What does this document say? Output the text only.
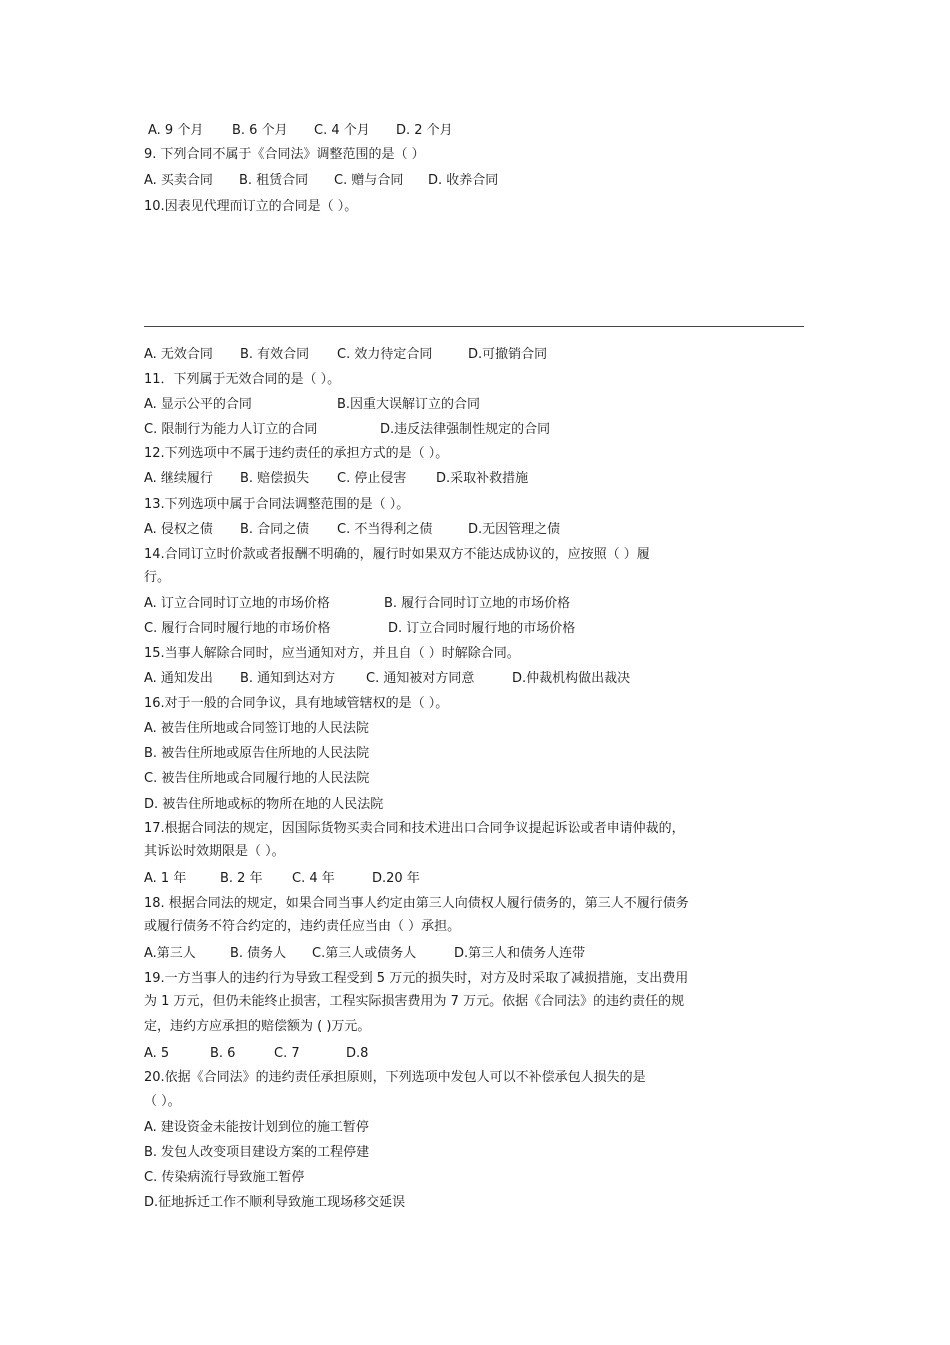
A. 9 个月 B. 6 个月 C. 4 个月 D. 2 个月
9. 下列合同不属于《合同法》调整范围的是（ ）
A. 买卖合同 B. 租赁合同 C. 赠与合同 D. 收养合同
10.因表见代理而订立的合同是（ ）。
A. 无效合同 B. 有效合同 C. 效力待定合同	D.可撤销合同
11．下列属于无效合同的是（ ）。
A. 显示公平的合同	B.因重大误解订立的合同
C. 限制行为能力人订立的合同	D.违反法律强制性规定的合同
12.下列选项中不属于违约责任的承担方式的是（ ）。
A. 继续履行 B. 赔偿损失 C. 停止侵害 D.采取补救措施
13.下列选项中属于合同法调整范围的是（ ）。
A. 侵权之债 B. 合同之债 C. 不当得利之债	D.无因管理之债
14.合同订立时价款或者报酬不明确的，履行时如果双方不能达成协议的，应按照（ ）履
行。
A. 订立合同时订立地的市场价格	B. 履行合同时订立地的市场价格
C. 履行合同时履行地的市场价格	D. 订立合同时履行地的市场价格
15.当事人解除合同时，应当通知对方，并且自（ ）时解除合同。
A. 通知发出 B. 通知到达对方 C. 通知被对方同意	D.仲裁机构做出裁决
16.对于一般的合同争议，具有地域管辖权的是（ ）。
A. 被告住所地或合同签订地的人民法院
B. 被告住所地或原告住所地的人民法院
C. 被告住所地或合同履行地的人民法院
D. 被告住所地或标的物所在地的人民法院
17.根据合同法的规定，因国际货物买卖合同和技术进出口合同争议提起诉讼或者申请仲裁的，
其诉讼时效期限是（ ）。
A. 1 年	B. 2 年 C. 4 年	D.20 年
18. 根据合同法的规定，如果合同当事人约定由第三人向债权人履行债务的，第三人不履行债务
或履行债务不符合约定的，违约责任应当由（ ）承担。
A.第三人	B. 债务人 C.第三人或债务人	D.第三人和债务人连带
19.一方当事人的违约行为导致工程受到 5 万元的损失时，对方及时采取了减损措施，支出费用
为 1 万元，但仍未能终止损害，工程实际损害费用为 7 万元。依据《合同法》的违约责任的规
定，违约方应承担的赔偿额为 ( )万元。
A. 5	B. 6	C. 7	D.8
20.依据《合同法》的违约责任承担原则，下列选项中发包人可以不补偿承包人损失的是
（ ）。
A. 建设资金未能按计划到位的施工暂停
B. 发包人改变项目建设方案的工程停建
C. 传染病流行导致施工暂停
D.征地拆迁工作不顺利导致施工现场移交延误
